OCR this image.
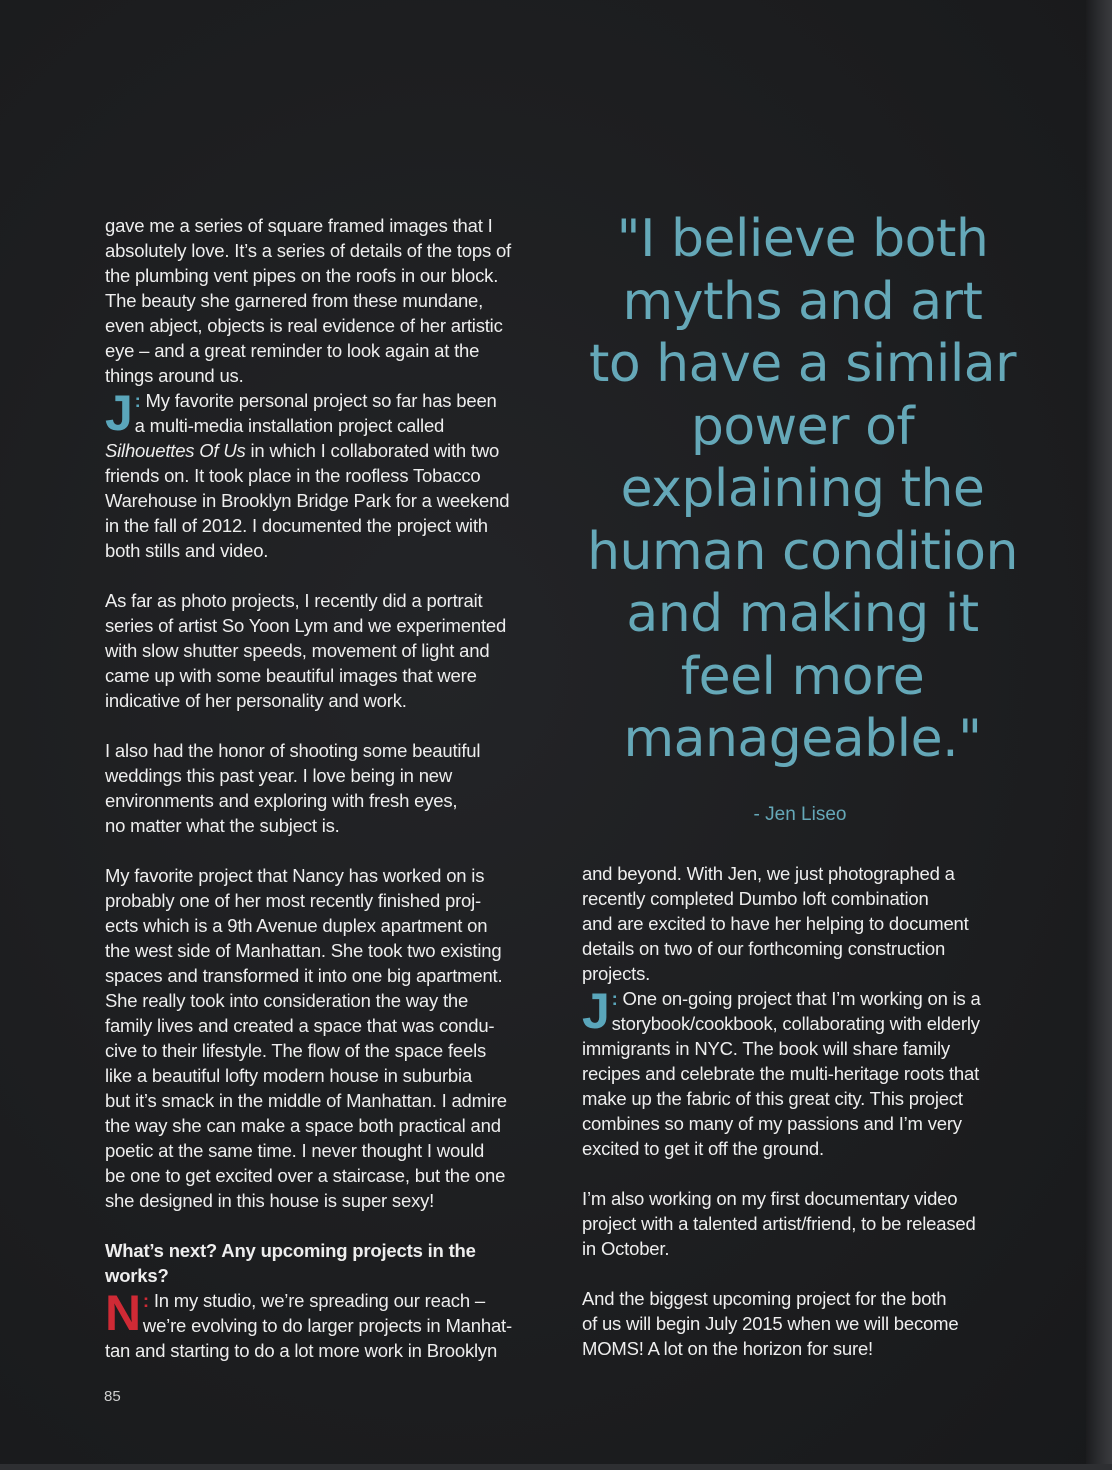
gave me a series of square framed images that I

absolutely love. It’s a series of details of the tops of

the plumbing vent pipes on the roofs in our block.

The beauty she garnered from these mundane,

even abject, objects is real evidence of her artistic

eye – and a great reminder to look again at the

things around us.

J : My favorite personal project so far has been

a multi-media installation project called

Silhouettes Of Us in which I collaborated with two

friends on. It took place in the roofless Tobacco

Warehouse in Brooklyn Bridge Park for a weekend

in the fall of 2012. I documented the project with

both stills and video.

As far as photo projects, I recently did a portrait

series of artist So Yoon Lym and we experimented

with slow shutter speeds, movement of light and

came up with some beautiful images that were

indicative of her personality and work.

I also had the honor of shooting some beautiful

weddings this past year. I love being in new

environments and exploring with fresh eyes,

no matter what the subject is.

My favorite project that Nancy has worked on is

probably one of her most recently finished proj-

ects which is a 9th Avenue duplex apartment on

the west side of Manhattan. She took two existing

spaces and transformed it into one big apartment.

She really took into consideration the way the

family lives and created a space that was condu-

cive to their lifestyle. The flow of the space feels

like a beautiful lofty modern house in suburbia

but it’s smack in the middle of Manhattan. I admire

the way she can make a space both practical and

poetic at the same time. I never thought I would

be one to get excited over a staircase, but the one

she designed in this house is super sexy!

What’s next? Any upcoming projects in the

works?

N : In my studio, we’re spreading our reach –

we’re evolving to do larger projects in Manhat-

tan and starting to do a lot more work in Brooklyn

"I believe both
myths and art
to have a similar
power of
explaining the
human condition
and making it
feel more
manageable."
- Jen Liseo

and beyond. With Jen, we just photographed a

recently completed Dumbo loft combination

and are excited to have her helping to document

details on two of our forthcoming construction

projects.

J : One on-going project that I’m working on is a

storybook/cookbook, collaborating with elderly

immigrants in NYC. The book will share family

recipes and celebrate the multi-heritage roots that

make up the fabric of this great city. This project

combines so many of my passions and I’m very

excited to get it off the ground.

I’m also working on my first documentary video

project with a talented artist/friend, to be released

in October.

And the biggest upcoming project for the both

of us will begin July 2015 when we will become

MOMS! A lot on the horizon for sure!

85
